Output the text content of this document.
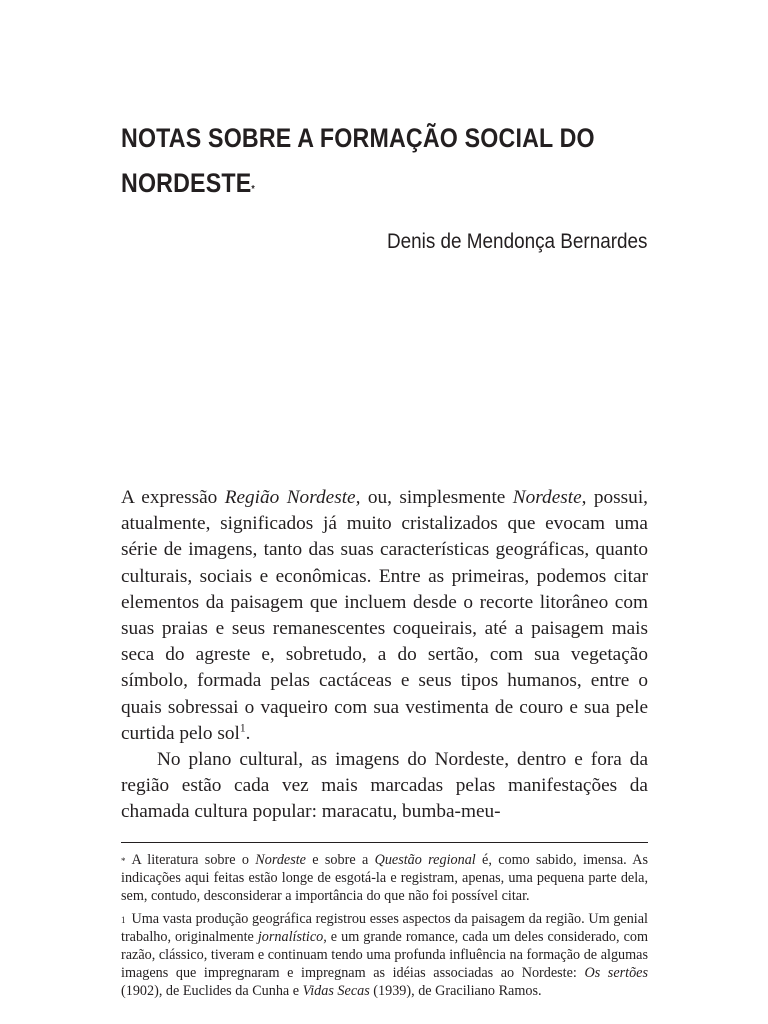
NOTAS SOBRE A FORMAÇÃO SOCIAL DO NORDESTE*
Denis de Mendonça Bernardes

A expressão Região Nordeste, ou, simplesmente Nordeste, possui, atualmente, significados já muito cristalizados que evocam uma série de imagens, tanto das suas características geográficas, quanto culturais, sociais e econômicas. Entre as primeiras, podemos citar elementos da paisagem que incluem desde o recorte litorâneo com suas praias e seus remanescentes coqueirais, até a paisagem mais seca do agreste e, sobretudo, a do sertão, com sua vegetação símbolo, formada pelas cactáceas e seus tipos humanos, entre o quais sobressai o vaqueiro com sua vestimenta de couro e sua pele curtida pelo sol$^1$.

No plano cultural, as imagens do Nordeste, dentro e fora da região estão cada vez mais marcadas pelas manifestações da chamada cultura popular: maracatu, bumba-meu-

* A literatura sobre o Nordeste e sobre a Questão regional é, como sabido, imensa. As indicações aqui feitas estão longe de esgotá-la e registram, apenas, uma pequena parte dela, sem, contudo, desconsiderar a importância do que não foi possível citar.

$^1$ Uma vasta produção geográfica registrou esses aspectos da paisagem da região. Um genial trabalho, originalmente jornalístico, e um grande romance, cada um deles considerado, com razão, clássico, tiveram e continuam tendo uma profunda influência na formação de algumas imagens que impregnaram e impregnam as idéias associadas ao Nordeste: Os sertões (1902), de Euclides da Cunha e Vidas Secas (1939), de Graciliano Ramos.
